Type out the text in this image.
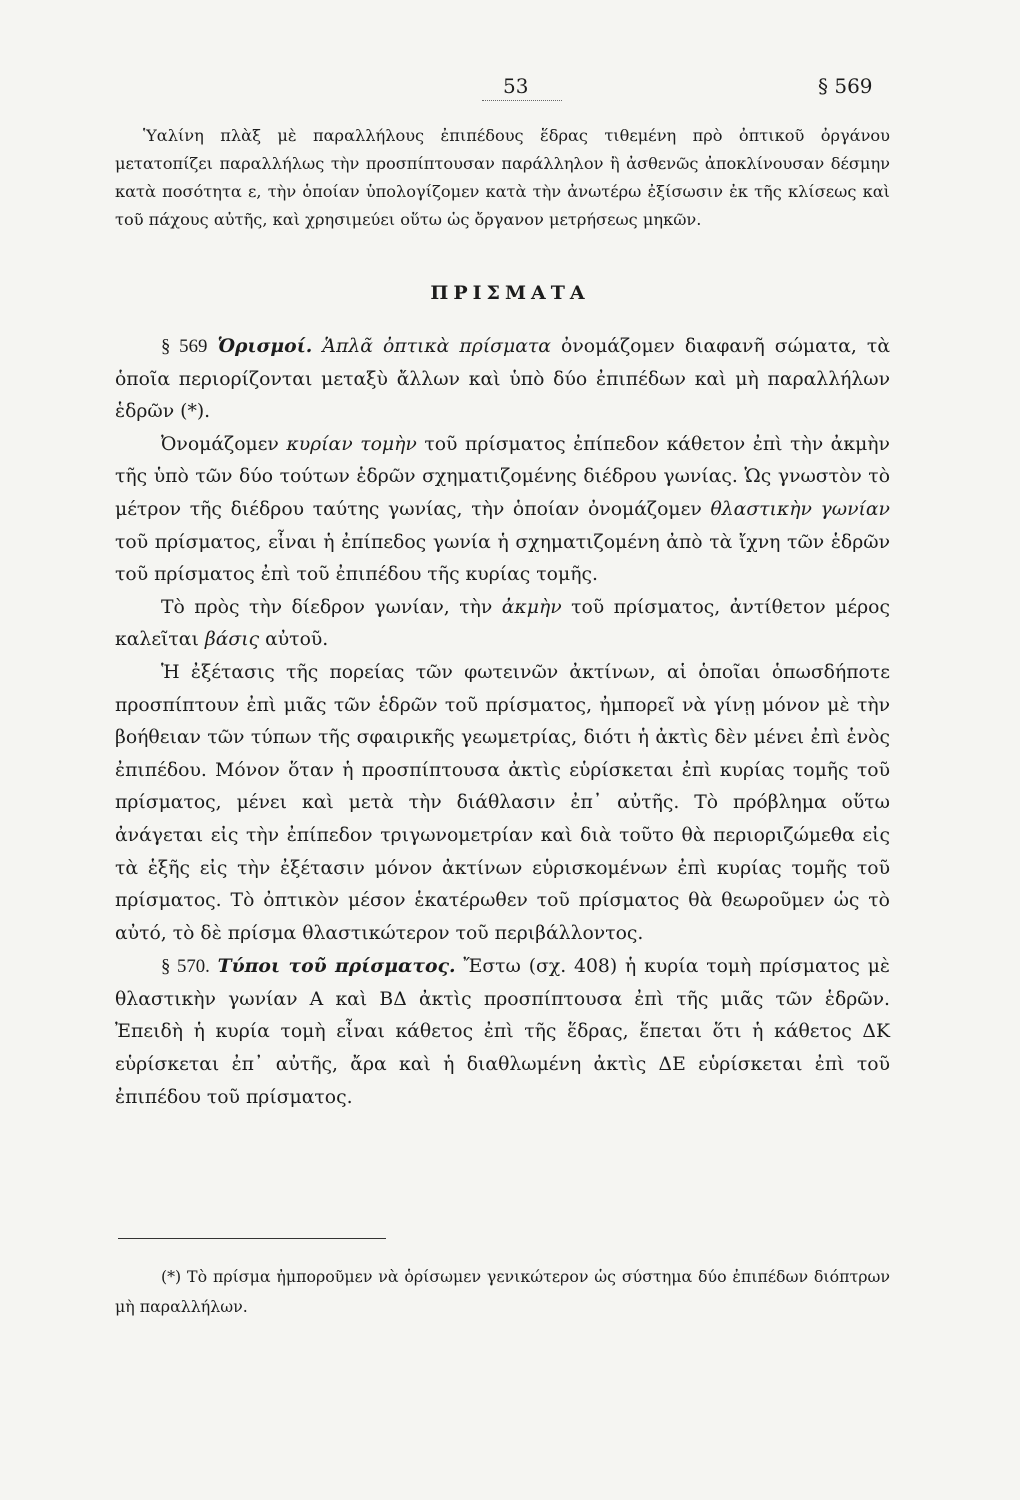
53	§ 569

Ὑαλίνη πλὰξ μὲ παραλλήλους ἐπιπέδους ἕδρας τιθεμένη πρὸ ὀπτικοῦ ὀργάνου μετατοπίζει παραλλήλως τὴν προσπίπτουσαν παράλληλον ἢ ἀσθενῶς ἀποκλίνουσαν δέσμην κατὰ ποσότητα ε, τὴν ὁποίαν ὑπολογίζομεν κατὰ τὴν ἀνωτέρω ἐξίσωσιν ἐκ τῆς κλίσεως καὶ τοῦ πάχους αὐτῆς, καὶ χρησιμεύει οὕτω ὡς ὄργανον μετρήσεως μηκῶν.

ΠΡΙΣΜΑΤΑ

§ 569 Ὁρισμοί. Ἁπλᾶ ὀπτικὰ πρίσματα ὀνομάζομεν διαφανῆ σώματα, τὰ ὁποῖα περιορίζονται μεταξὺ ἄλλων καὶ ὑπὸ δύο ἐπιπέδων καὶ μὴ παραλλήλων ἑδρῶν (*).

Ὀνομάζομεν κυρίαν τομὴν τοῦ πρίσματος ἐπίπεδον κάθετον ἐπὶ τὴν ἀκμὴν τῆς ὑπὸ τῶν δύο τούτων ἑδρῶν σχηματιζομένης διέδρου γωνίας. Ὡς γνωστὸν τὸ μέτρον τῆς διέδρου ταύτης γωνίας, τὴν ὁποίαν ὀνομάζομεν θλαστικὴν γωνίαν τοῦ πρίσματος, εἶναι ἡ ἐπίπεδος γωνία ἡ σχηματιζομένη ἀπὸ τὰ ἴχνη τῶν ἑδρῶν τοῦ πρίσματος ἐπὶ τοῦ ἐπιπέδου τῆς κυρίας τομῆς.

Τὸ πρὸς τὴν δίεδρον γωνίαν, τὴν ἀκμὴν τοῦ πρίσματος, ἀντίθετον μέρος καλεῖται βάσις αὐτοῦ.

Ἡ ἐξέτασις τῆς πορείας τῶν φωτεινῶν ἀκτίνων, αἱ ὁποῖαι ὁπωσδήποτε προσπίπτουν ἐπὶ μιᾶς τῶν ἑδρῶν τοῦ πρίσματος, ἠμπορεῖ νὰ γίνῃ μόνον μὲ τὴν βοήθειαν τῶν τύπων τῆς σφαιρικῆς γεωμετρίας, διότι ἡ ἀκτὶς δὲν μένει ἐπὶ ἑνὸς ἐπιπέδου. Μόνον ὅταν ἡ προσπίπτουσα ἀκτὶς εὑρίσκεται ἐπὶ κυρίας τομῆς τοῦ πρίσματος, μένει καὶ μετὰ τὴν διάθλασιν ἐπ᾿ αὐτῆς. Τὸ πρόβλημα οὕτω ἀνάγεται εἰς τὴν ἐπίπεδον τριγωνομετρίαν καὶ διὰ τοῦτο θὰ περιοριζώμεθα εἰς τὰ ἑξῆς εἰς τὴν ἐξέτασιν μόνον ἀκτίνων εὑρισκομένων ἐπὶ κυρίας τομῆς τοῦ πρίσματος. Τὸ ὀπτικὸν μέσον ἑκατέρωθεν τοῦ πρίσματος θὰ θεωροῦμεν ὡς τὸ αὐτό, τὸ δὲ πρίσμα θλαστικώτερον τοῦ περιβάλλοντος.

§ 570. Τύποι τοῦ πρίσματος. Ἔστω (σχ. 408) ἡ κυρία τομὴ πρίσματος μὲ θλαστικὴν γωνίαν Α καὶ ΒΔ ἀκτὶς προσπίπτουσα ἐπὶ τῆς μιᾶς τῶν ἑδρῶν. Ἐπειδὴ ἡ κυρία τομὴ εἶναι κάθετος ἐπὶ τῆς ἕδρας, ἕπεται ὅτι ἡ κάθετος ΔΚ εὑρίσκεται ἐπ᾿ αὐτῆς, ἄρα καὶ ἡ διαθλωμένη ἀκτὶς ΔΕ εὑρίσκεται ἐπὶ τοῦ ἐπιπέδου τοῦ πρίσματος.

(*) Τὸ πρίσμα ἠμποροῦμεν νὰ ὁρίσωμεν γενικώτερον ὡς σύστημα δύο ἐπιπέδων διόπτρων μὴ παραλλήλων.
